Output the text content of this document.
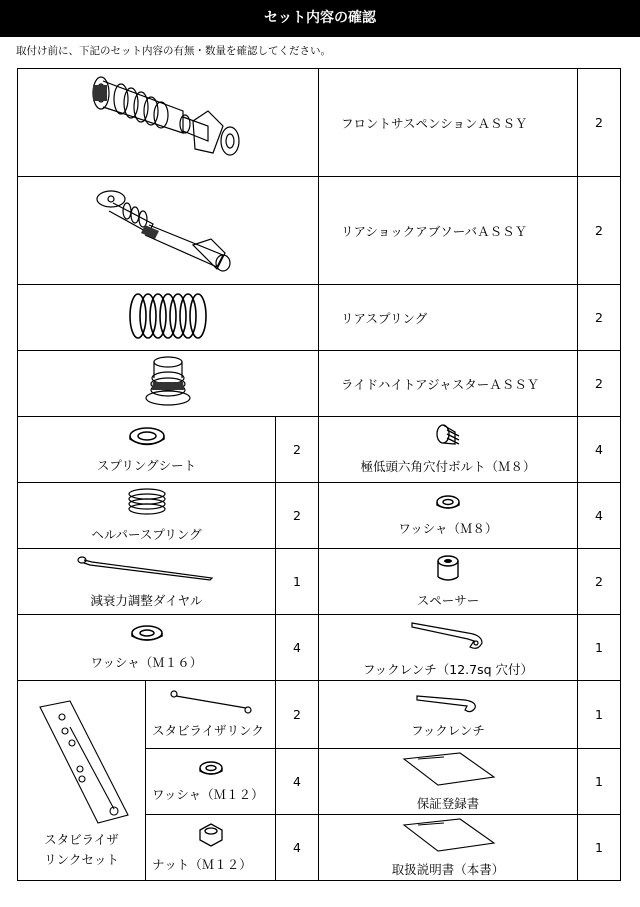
セット内容の確認
取付け前に、下記のセット内容の有無・数量を確認してください。
	フロントサスペンションＡＳＳＹ	2
	リアショックアブソーバＡＳＳＹ	2
	リアスプリング	2
	ライドハイトアジャスターＡＳＳＹ	2

スプリングシート		2	極低頭六角穴付ボルト（Ｍ８）	4

ヘルパースプリング		2	ワッシャ（Ｍ８）	4

減衰力調整ダイヤル		1	スペーサー	2

ワッシャ（Ｍ１６）		4	フックレンチ（12.7sq 穴付）	1

スタビライザ
リンクセット	スタビライザリンク	2	フックレンチ	1

	ワッシャ（Ｍ１２）	4	保証登録書	1

	ナット（Ｍ１２）	4	取扱説明書（本書）	1
